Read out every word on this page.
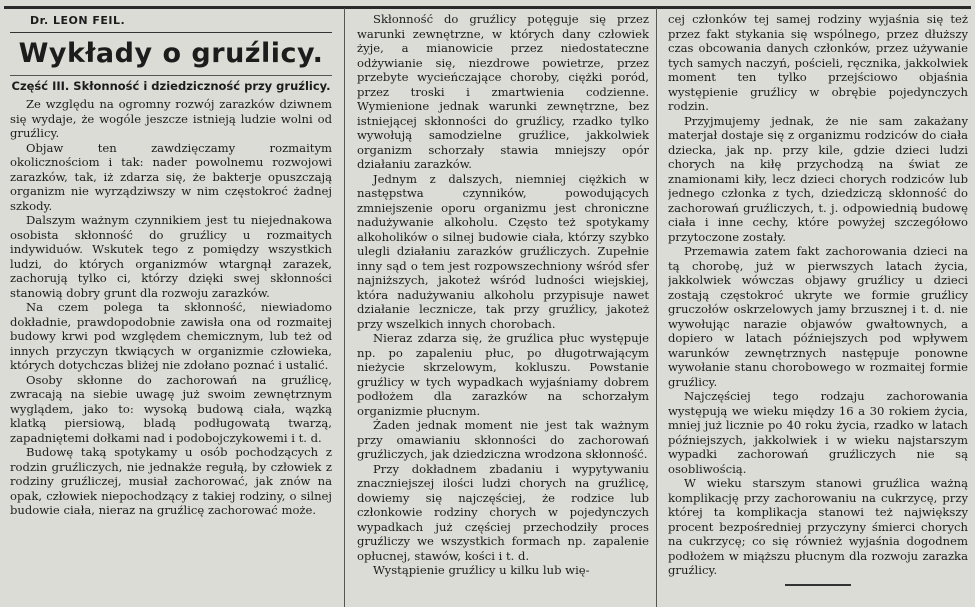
Dr. LEON FEIL.
Wykłady o gruźlicy.
Część III. Skłonność i dziedziczność przy gruźlicy.

Ze względu na ogromny rozwój zarazków dziwnem się wydaje, że wogóle jeszcze istnieją ludzie wolni od gruźlicy.

Objaw ten zawdzięczamy rozmaitym okolicznościom i tak: nader powolnemu rozwojowi zarazków, tak, iż zdarza się, że bakterje opuszczają organizm nie wyrządziwszy w nim częstokroć żadnej szkody.

Dalszym ważnym czynnikiem jest tu niejednakowa osobista skłonność do gruźlicy u rozmaitych indywiduów. Wskutek tego z pomiędzy wszystkich ludzi, do których organizmów wtargnął zarazek, zachorują tylko ci, którzy dzięki swej skłonności stanowią dobry grunt dla rozwoju zarazków.

Na czem polega ta skłonność, niewiadomo dokładnie, prawdopodobnie zawisła ona od rozmaitej budowy krwi pod względem chemicznym, lub też od innych przyczyn tkwiących w organizmie człowieka, których dotychczas bliżej nie zdołano poznać i ustalić.

Osoby skłonne do zachorowań na gruźlicę, zwracają na siebie uwagę już swoim zewnętrznym wyglądem, jako to: wysoką budową ciała, wązką klatką piersiową, bladą podługowatą twarzą, zapadniętemi dołkami nad i podobojczykowemi i t. d.

Budowę taką spotykamy u osób pochodzących z rodzin gruźliczych, nie jednakże regułą, by człowiek z rodziny gruźliczej, musiał zachorować, jak znów na opak, człowiek niepochodzący z takiej rodziny, o silnej budowie ciała, nieraz na gruźlicę zachorować może.

Skłonność do gruźlicy potęguje się przez warunki zewnętrzne, w których dany człowiek żyje, a mianowicie przez niedostateczne odżywianie się, niezdrowe powietrze, przez przebyte wycieńczające choroby, ciężki poród, przez troski i zmartwienia codzienne. Wymienione jednak warunki zewnętrzne, bez istniejącej skłonności do gruźlicy, rzadko tylko wywołują samodzielne gruźlice, jakkolwiek organizm schorzały stawia mniejszy opór działaniu zarazków.

Jednym z dalszych, niemniej ciężkich w następstwa czynników, powodujących zmniejszenie oporu organizmu jest chroniczne nadużywanie alkoholu. Często też spotykamy alkoholików o silnej budowie ciała, którzy szybko ulegli działaniu zarazków gruźliczych. Zupełnie inny sąd o tem jest rozpowszechniony wśród sfer najniższych, jakoteż wśród ludności wiejskiej, która nadużywaniu alkoholu przypisuje nawet działanie lecznicze, tak przy gruźlicy, jakoteż przy wszelkich innych chorobach.

Nieraz zdarza się, że gruźlica płuc występuje np. po zapaleniu płuc, po długotrwającym nieżycie skrzelowym, kokluszu. Powstanie gruźlicy w tych wypadkach wyjaśniamy dobrem podłożem dla zarazków na schorzałym organizmie płucnym.

Żaden jednak moment nie jest tak ważnym przy omawianiu skłonności do zachorowań gruźliczych, jak dziedziczna wrodzona skłonność.

Przy dokładnem zbadaniu i wypytywaniu znaczniejszej ilości ludzi chorych na gruźlicę, dowiemy się najczęściej, że rodzice lub członkowie rodziny chorych w pojedynczych wypadkach już częściej przechodziły proces gruźliczy we wszystkich formach np. zapalenie opłucnej, stawów, kości i t. d.

Wystąpienie gruźlicy u kilku lub wię-

cej członków tej samej rodziny wyjaśnia się też przez fakt stykania się wspólnego, przez dłuższy czas obcowania danych członków, przez używanie tych samych naczyń, pościeli, ręcznika, jakkolwiek moment ten tylko przejściowo objaśnia występienie gruźlicy w obrębie pojedynczych rodzin.

Przyjmujemy jednak, że nie sam zakażany materjał dostaje się z organizmu rodziców do ciała dziecka, jak np. przy kile, gdzie dzieci ludzi chorych na kiłę przychodzą na świat ze znamionami kiły, lecz dzieci chorych rodziców lub jednego członka z tych, dziedziczą skłonność do zachorowań gruźliczych, t. j. odpowiednią budowę ciała i inne cechy, które powyżej szczegółowo przytoczone zostały.

Przemawia zatem fakt zachorowania dzieci na tą chorobę, już w pierwszych latach życia, jakkolwiek wówczas objawy gruźlicy u dzieci zostają częstokroć ukryte we formie gruźlicy gruczołów oskrzelowych jamy brzusznej i t. d. nie wywołując narazie objawów gwałtownych, a dopiero w latach późniejszych pod wpływem warunków zewnętrznych następuje ponowne wywołanie stanu chorobowego w rozmaitej formie gruźlicy.

Najczęściej tego rodzaju zachorowania występują we wieku między 16 a 30 rokiem życia, mniej już licznie po 40 roku życia, rzadko w latach późniejszych, jakkolwiek i w wieku najstarszym wypadki zachorowań gruźliczych nie są osobliwością.

W wieku starszym stanowi gruźlica ważną komplikację przy zachorowaniu na cukrzycę, przy której ta komplikacja stanowi też największy procent bezpośredniej przyczyny śmierci chorych na cukrzycę; co się również wyjaśnia dogodnem podłożem w miąższu płucnym dla rozwoju zarazka gruźlicy.
